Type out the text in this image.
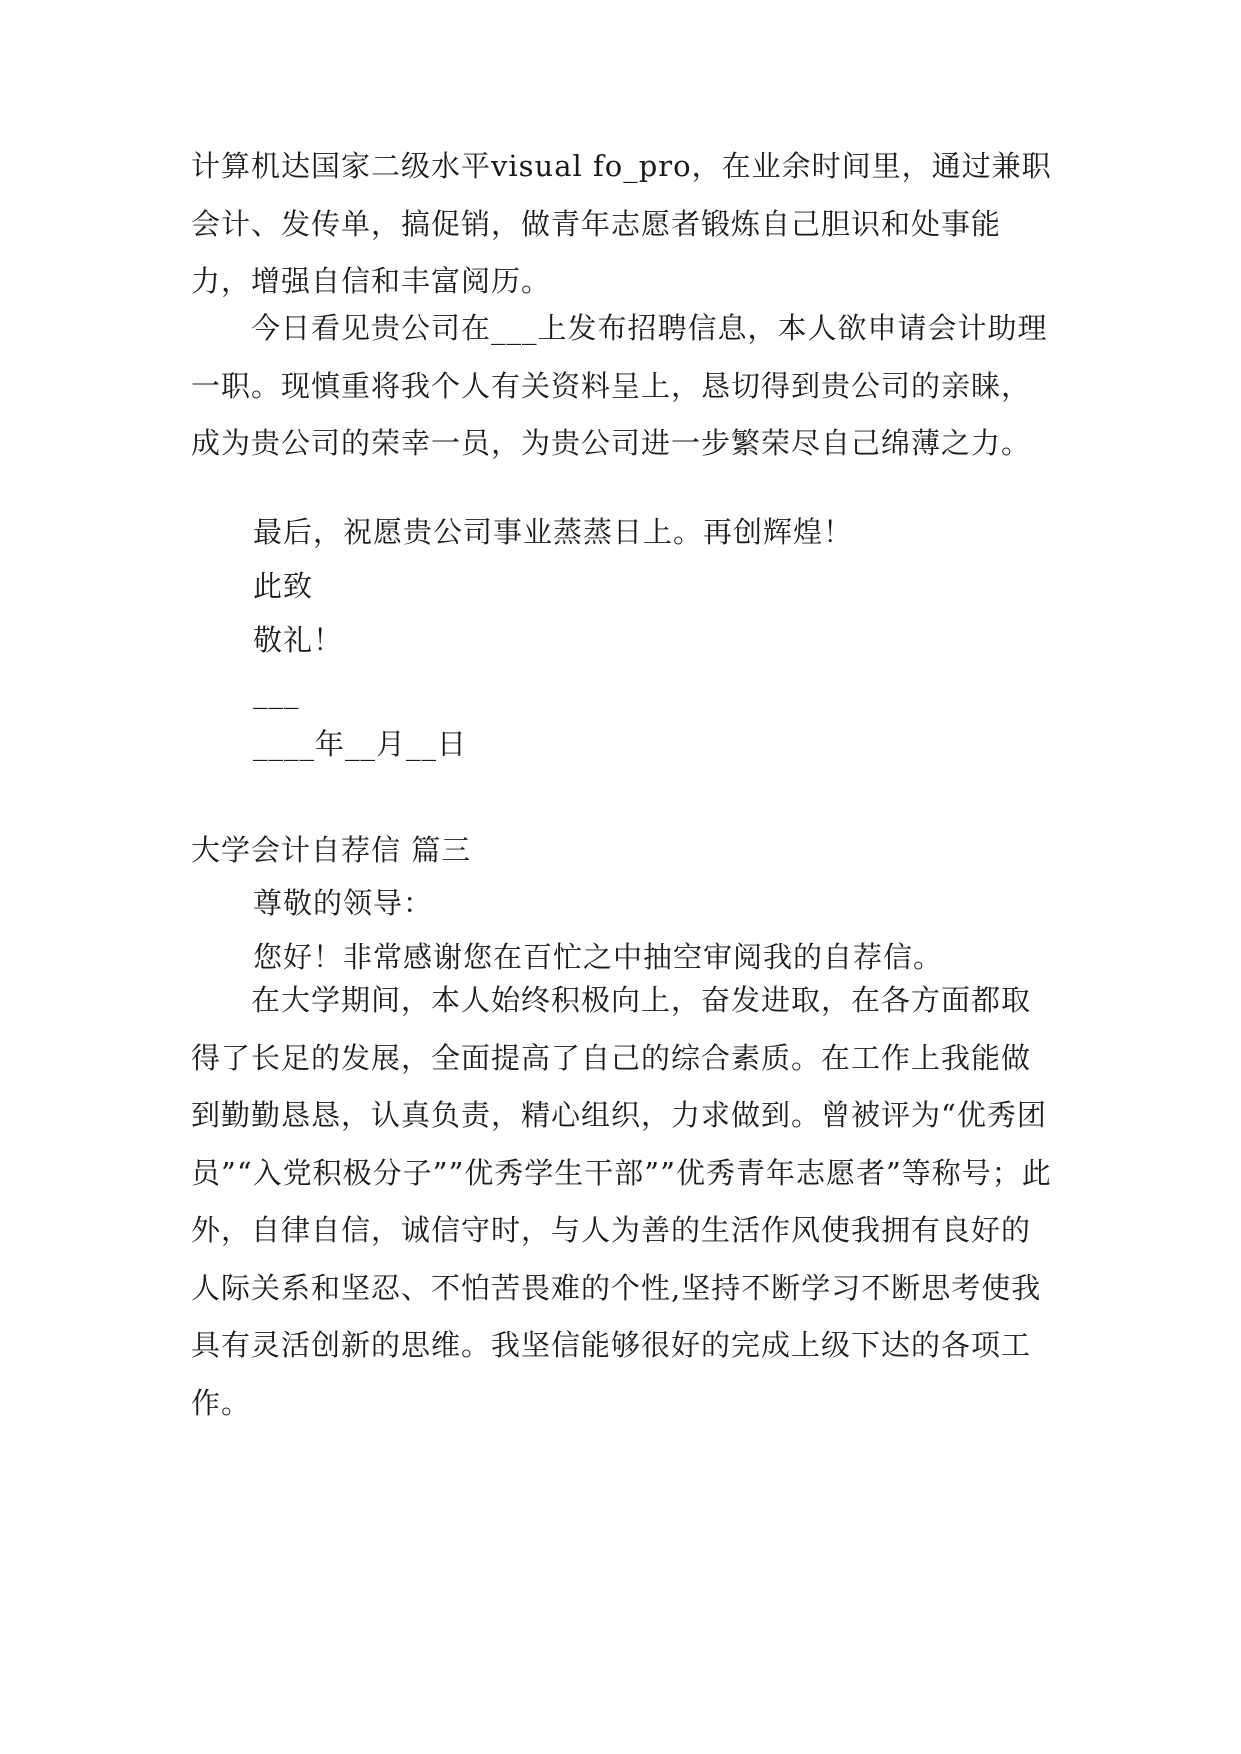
计算机达国家二级水平visual fo_pro，在业余时间里，通过兼职会计、发传单，搞促销，做青年志愿者锻炼自己胆识和处事能力，增强自信和丰富阅历。
　　今日看见贵公司在___上发布招聘信息，本人欲申请会计助理一职。现慎重将我个人有关资料呈上，恳切得到贵公司的亲睐，成为贵公司的荣幸一员，为贵公司进一步繁荣尽自己绵薄之力。
最后，祝愿贵公司事业蒸蒸日上。再创辉煌！
此致
敬礼！
___
____年__月__日
大学会计自荐信 篇三
尊敬的领导：
您好！非常感谢您在百忙之中抽空审阅我的自荐信。
　　在大学期间，本人始终积极向上，奋发进取，在各方面都取得了长足的发展，全面提高了自己的综合素质。在工作上我能做到勤勤恳恳，认真负责，精心组织，力求做到。曾被评为“优秀团员”“入党积极分子””优秀学生干部””优秀青年志愿者”等称号；此外，自律自信，诚信守时，与人为善的生活作风使我拥有良好的人际关系和坚忍、不怕苦畏难的个性,坚持不断学习不断思考使我具有灵活创新的思维。我坚信能够很好的完成上级下达的各项工作。
